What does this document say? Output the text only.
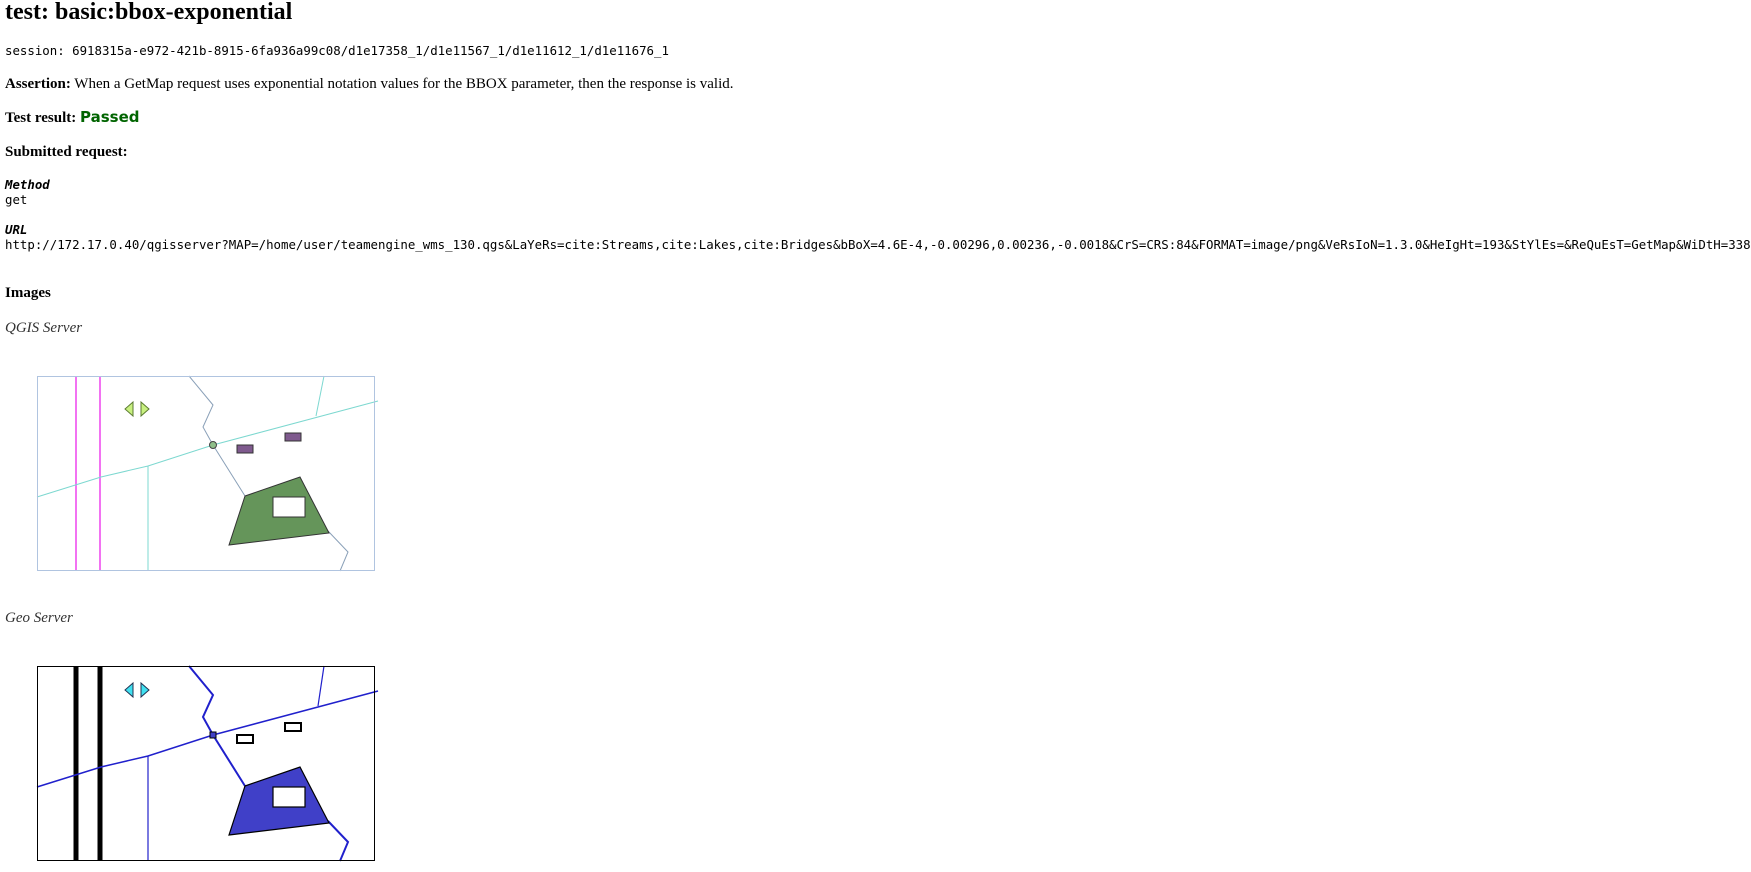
test: basic:bbox-exponential
session: 6918315a-e972-421b-8915-6fa936a99c08/d1e17358_1/d1e11567_1/d1e11612_1/d1e11676_1
Assertion: When a GetMap request uses exponential notation values for the BBOX parameter, then the response is valid.
Test result: Passed
Submitted request:
Method
get
URL
http://172.17.0.40/qgisserver?MAP=/home/user/teamengine_wms_130.qgs&LaYeRs=cite:Streams,cite:Lakes,cite:Bridges&bBoX=4.6E-4,-0.00296,0.00236,-0.0018&CrS=CRS:84&FORMAT=image/png&VeRsIoN=1.3.0&HeIgHt=193&StYlEs=&ReQuEsT=GetMap&WiDtH=338
Images
QGIS Server
Geo Server
